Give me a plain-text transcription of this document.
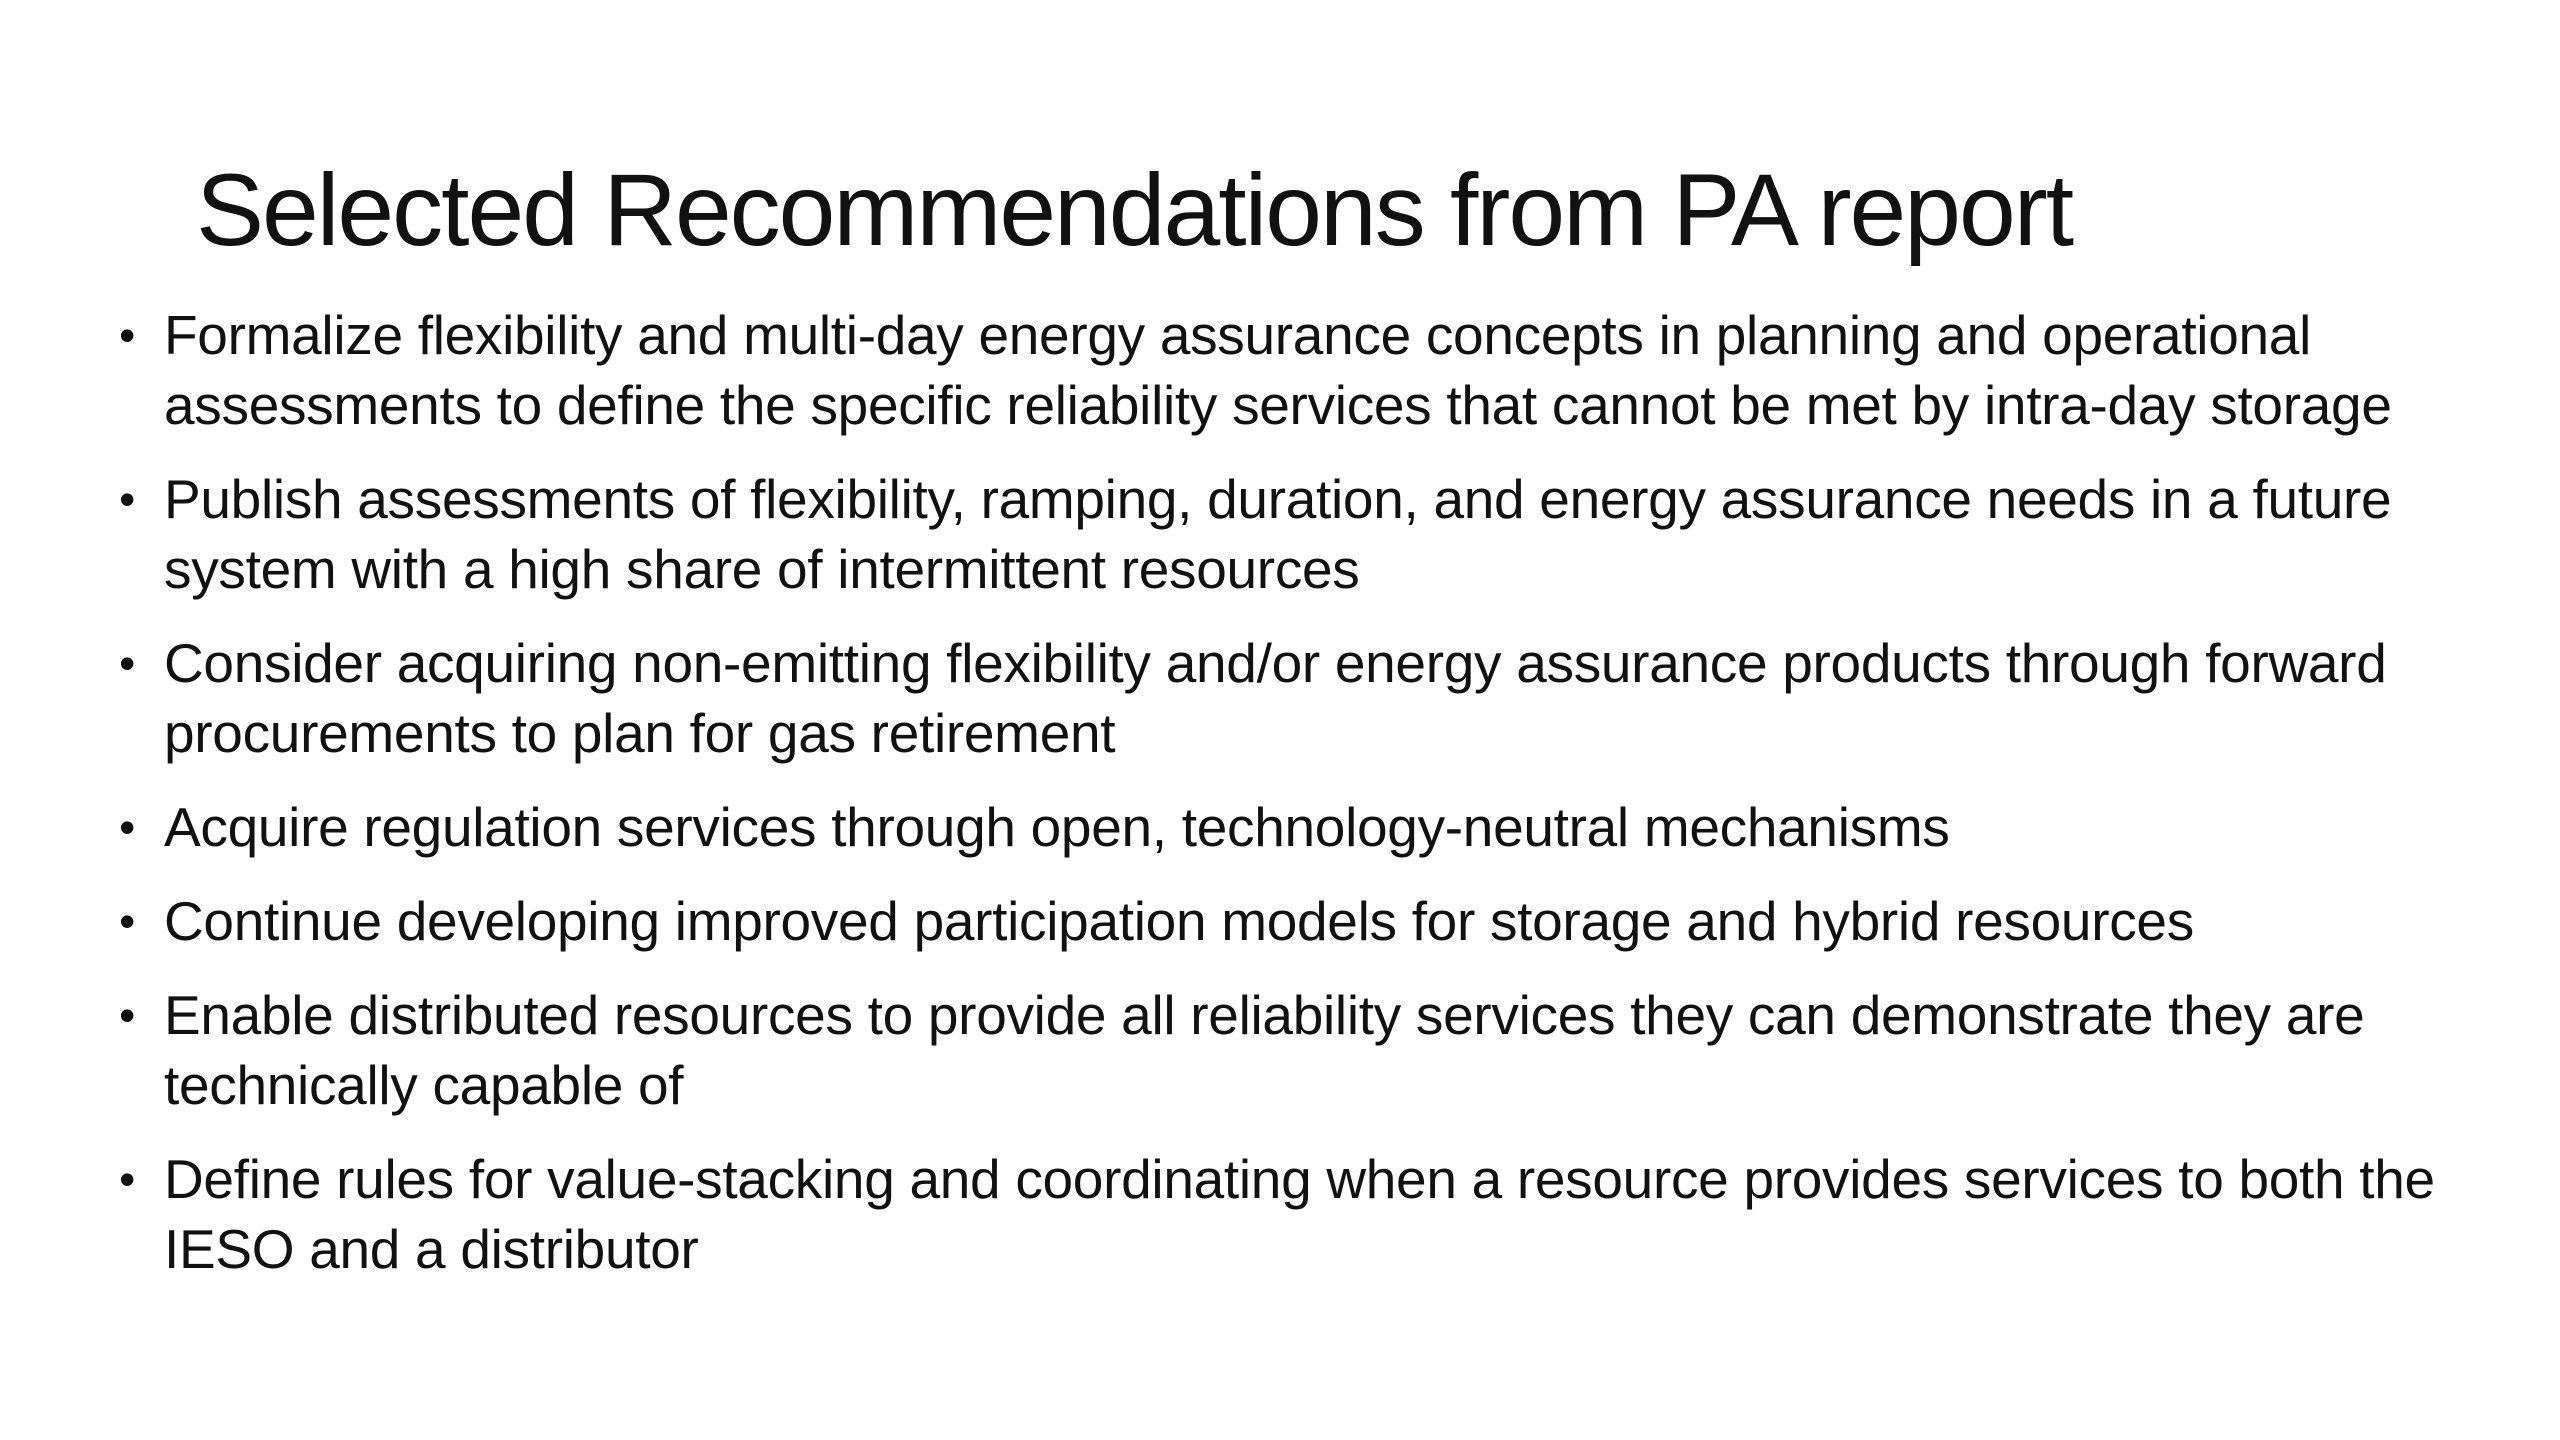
Selected Recommendations from PA report
• Formalize flexibility and multi-day energy assurance concepts in planning and operational assessments to define the specific reliability services that cannot be met by intra-day storage
• Publish assessments of flexibility, ramping, duration, and energy assurance needs in a future system with a high share of intermittent resources
• Consider acquiring non-emitting flexibility and/or energy assurance products through forward procurements to plan for gas retirement
• Acquire regulation services through open, technology-neutral mechanisms
• Continue developing improved participation models for storage and hybrid resources
• Enable distributed resources to provide all reliability services they can demonstrate they are technically capable of
• Define rules for value-stacking and coordinating when a resource provides services to both the IESO and a distributor
